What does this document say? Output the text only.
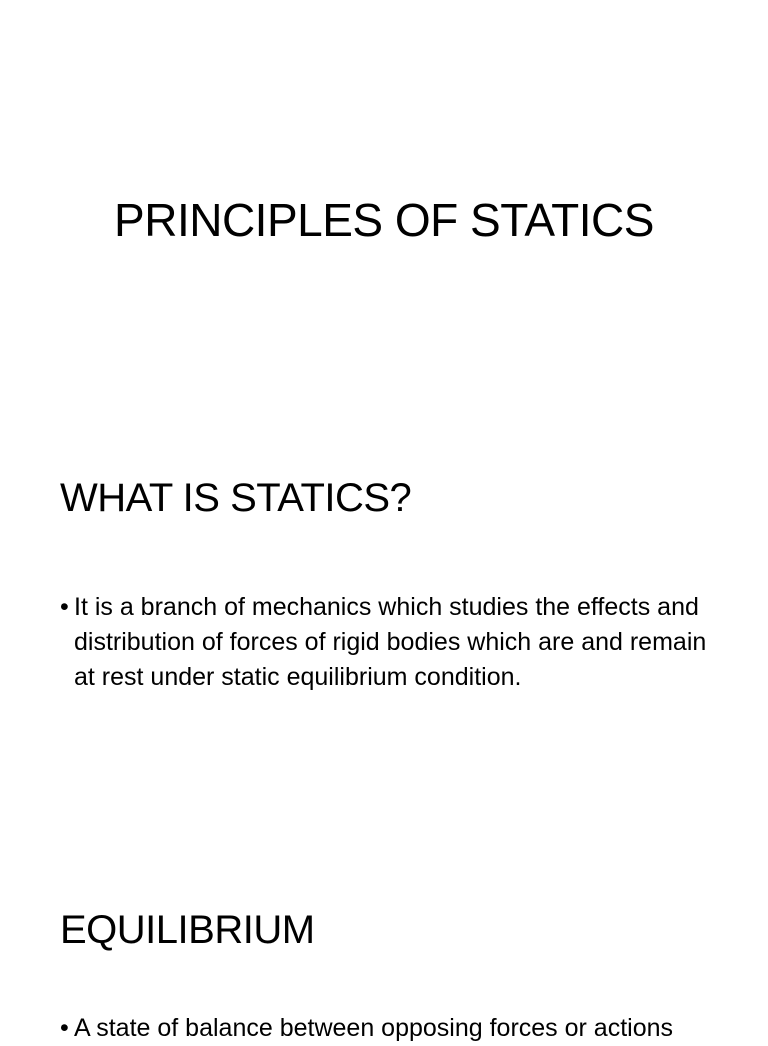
PRINCIPLES OF STATICS
WHAT IS STATICS?
• It is a branch of mechanics which studies the effects and distribution of forces of rigid bodies which are and remain at rest under static equilibrium condition.
EQUILIBRIUM
• A state of balance between opposing forces or actions
